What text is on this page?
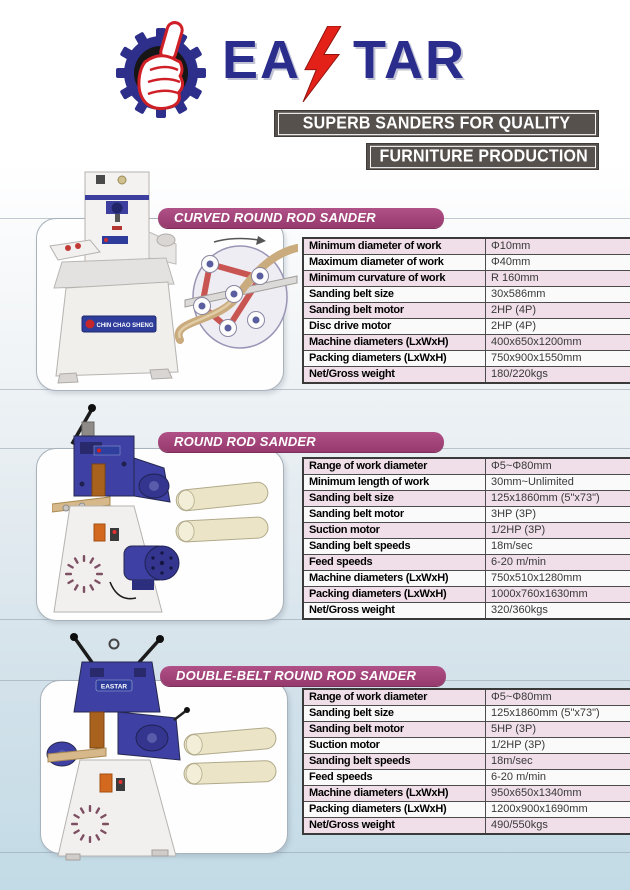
EA TAR
SUPERB SANDERS FOR QUALITY
FURNITURE PRODUCTION
CHIN CHAO SHENG
CURVED ROUND ROD SANDER
Minimum diameter of work	Φ10mm
Maximum diameter of work	Φ40mm
Minimum curvature of work	R 160mm
Sanding belt size	30x586mm
Sanding belt motor	2HP (4P)
Disc drive motor	2HP (4P)
Machine diameters (LxWxH)	400x650x1200mm
Packing diameters (LxWxH)	750x900x1550mm
Net/Gross weight	180/220kgs
ROUND ROD SANDER
Range of work diameter	Φ5~Φ80mm
Minimum length of work	30mm~Unlimited
Sanding belt size	125x1860mm (5"x73")
Sanding belt motor	3HP (3P)
Suction motor	1/2HP (3P)
Sanding belt speeds	18m/sec
Feed speeds	6-20 m/min
Machine diameters (LxWxH)	750x510x1280mm
Packing diameters (LxWxH)	1000x760x1630mm
Net/Gross weight	320/360kgs
EASTAR
DOUBLE-BELT ROUND ROD SANDER
Range of work diameter	Φ5~Φ80mm
Sanding belt size	125x1860mm (5"x73")
Sanding belt motor	5HP (3P)
Suction motor	1/2HP (3P)
Sanding belt speeds	18m/sec
Feed speeds	6-20 m/min
Machine diameters (LxWxH)	950x650x1340mm
Packing diameters (LxWxH)	1200x900x1690mm
Net/Gross weight	490/550kgs
